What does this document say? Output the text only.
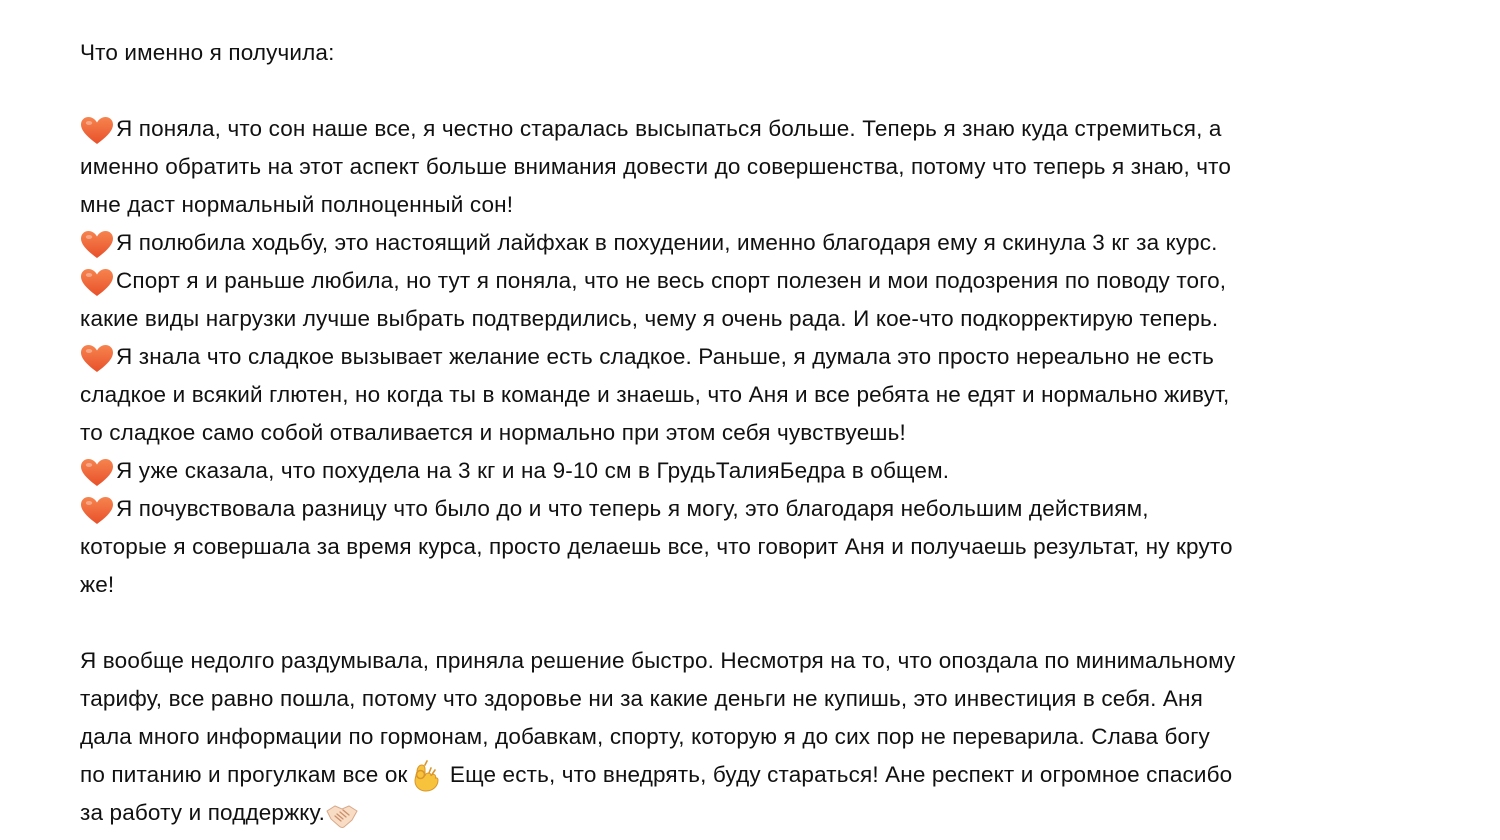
Что именно я получила:
Я поняла, что сон наше все, я честно старалась высыпаться больше. Теперь я знаю куда стремиться, а
именно обратить на этот аспект больше внимания довести до совершенства, потому что теперь я знаю, что
мне даст нормальный полноценный сон!
Я полюбила ходьбу, это настоящий лайфхак в похудении, именно благодаря ему я скинула 3 кг за курс.
Спорт я и раньше любила, но тут я поняла, что не весь спорт полезен и мои подозрения по поводу того,
какие виды нагрузки лучше выбрать подтвердились, чему я очень рада. И кое-что подкорректирую теперь.
Я знала что сладкое вызывает желание есть сладкое. Раньше, я думала это просто нереально не есть
сладкое и всякий глютен, но когда ты в команде и знаешь, что Аня и все ребята не едят и нормально живут,
то сладкое само собой отваливается и нормально при этом себя чувствуешь!
Я уже сказала, что похудела на 3 кг и на 9-10 см в ГрудьТалияБедра в общем.
Я почувствовала разницу что было до и что теперь я могу, это благодаря небольшим действиям,
которые я совершала за время курса, просто делаешь все, что говорит Аня и получаешь результат, ну круто
же!
Я вообще недолго раздумывала, приняла решение быстро. Несмотря на то, что опоздала по минимальному
тарифу, все равно пошла, потому что здоровье ни за какие деньги не купишь, это инвестиция в себя. Аня
дала много информации по гормонам, добавкам, спорту, которую я до сих пор не переварила. Слава богу
по питанию и прогулкам все ок
Еще есть, что внедрять, буду стараться! Ане респект и огромное спасибо
за работу и поддержку.
